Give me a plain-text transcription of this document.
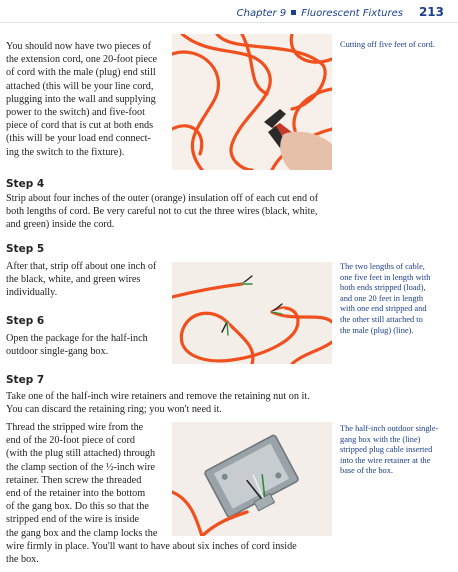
Chapter 9 Fluorescent Fixtures 213
You should now have two pieces of
the extension cord, one 20-foot piece
of cord with the male (plug) end still
attached (this will be your line cord,
plugging into the wall and supplying
power to the switch) and five-foot
piece of cord that is cut at both ends
(this will be your load end connect-
ing the switch to the fixture).
Cutting off five feet of cord.
Step 4
Strip about four inches of the outer (orange) insulation off of each cut end of
both lengths of cord. Be very careful not to cut the three wires (black, white,
and green) inside the cord.
Step 5
After that, strip off about one inch of
the black, white, and green wires
individually.
Step 6
Open the package for the half-inch
outdoor single-gang box.
The two lengths of cable,
one five feet in length with
both ends stripped (load),
and one 20 feet in length
with one end stripped and
the other still attached to
the male (plug) (line).
Step 7
Take one of the half-inch wire retainers and remove the retaining nut on it.
You can discard the retaining ring; you won't need it.
Thread the stripped wire from the
end of the 20-foot piece of cord
(with the plug still attached) through
the clamp section of the ½-inch wire
retainer. Then screw the threaded
end of the retainer into the bottom
of the gang box. Do this so that the
stripped end of the wire is inside
the gang box and the clamp locks the
wire firmly in place. You'll want to have about six inches of cord inside
the box.
The half-inch outdoor single-
gang box with the (line)
stripped plug cable inserted
into the wire retainer at the
base of the box.
